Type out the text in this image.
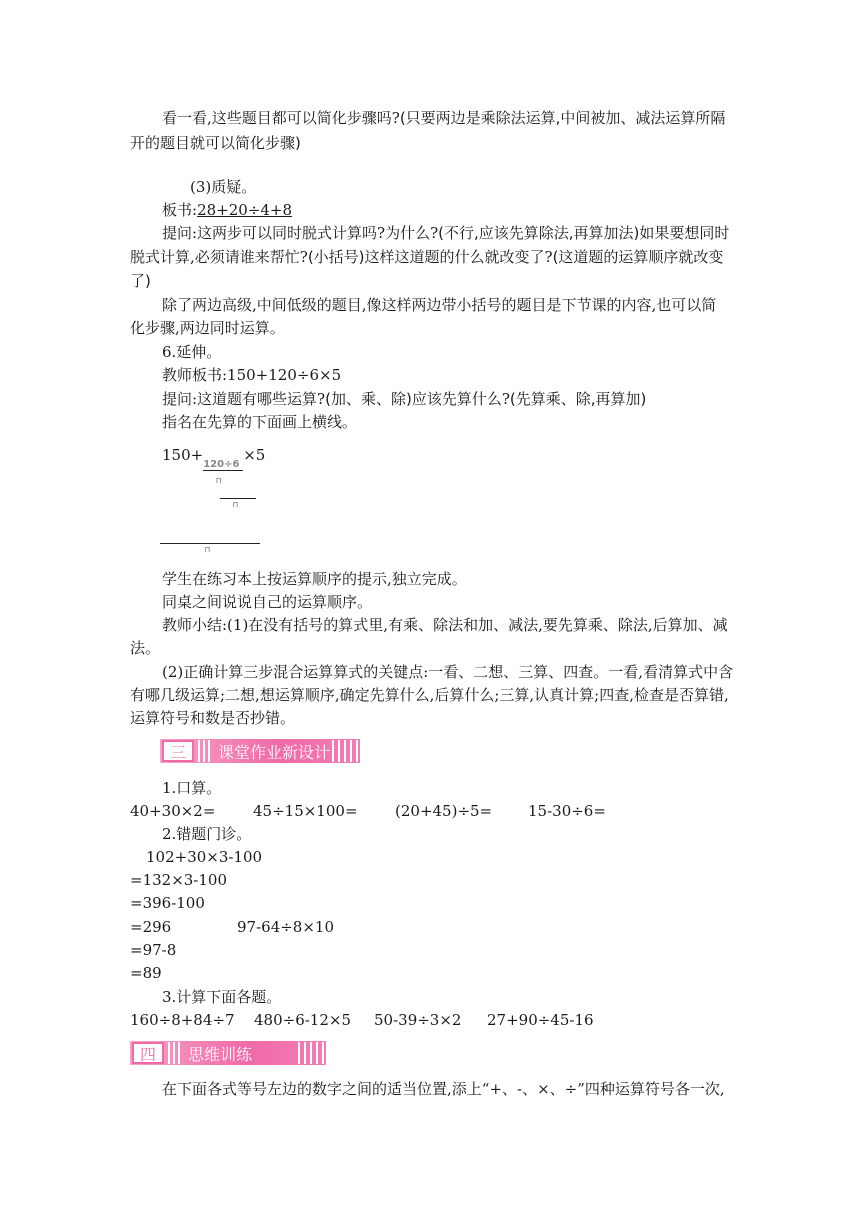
看一看,这些题目都可以简化步骤吗?(只要两边是乘除法运算,中间被加、减法运算所隔
开的题目就可以简化步骤)
(3)质疑。
板书:28+20÷4+8
提问:这两步可以同时脱式计算吗?为什么?(不行,应该先算除法,再算加法)如果要想同时
脱式计算,必须请谁来帮忙?(小括号)这样这道题的什么就改变了?(这道题的运算顺序就改变
了)
除了两边高级,中间低级的题目,像这样两边带小括号的题目是下节课的内容,也可以简
化步骤,两边同时运算。
6.延伸。
教师板书:150+120÷6×5
提问:这道题有哪些运算?(加、乘、除)应该先算什么?(先算乘、除,再算加)
指名在先算的下面画上横线。
150+
120÷6
⊓
×5
⊓
⊓
学生在练习本上按运算顺序的提示,独立完成。
同桌之间说说自己的运算顺序。
教师小结:(1)在没有括号的算式里,有乘、除法和加、减法,要先算乘、除法,后算加、减
法。
(2)正确计算三步混合运算算式的关键点:一看、二想、三算、四查。一看,看清算式中含
有哪几级运算;二想,想运算顺序,确定先算什么,后算什么;三算,认真计算;四查,检查是否算错,
运算符号和数是否抄错。
三	课堂作业新设计
1.口算。
40+30×2=	45÷15×100= (20+45)÷5= 15-30÷6=
2.错题门诊。
102+30×3-100
=132×3-100
=396-100
=296	97-64÷8×10
=97-8
=89
3.计算下面各题。
160÷8+84÷7 480÷6-12×5 50-39÷3×2 27+90÷45-16
四	思维训练
在下面各式等号左边的数字之间的适当位置,添上“+、-、×、÷”四种运算符号各一次,
